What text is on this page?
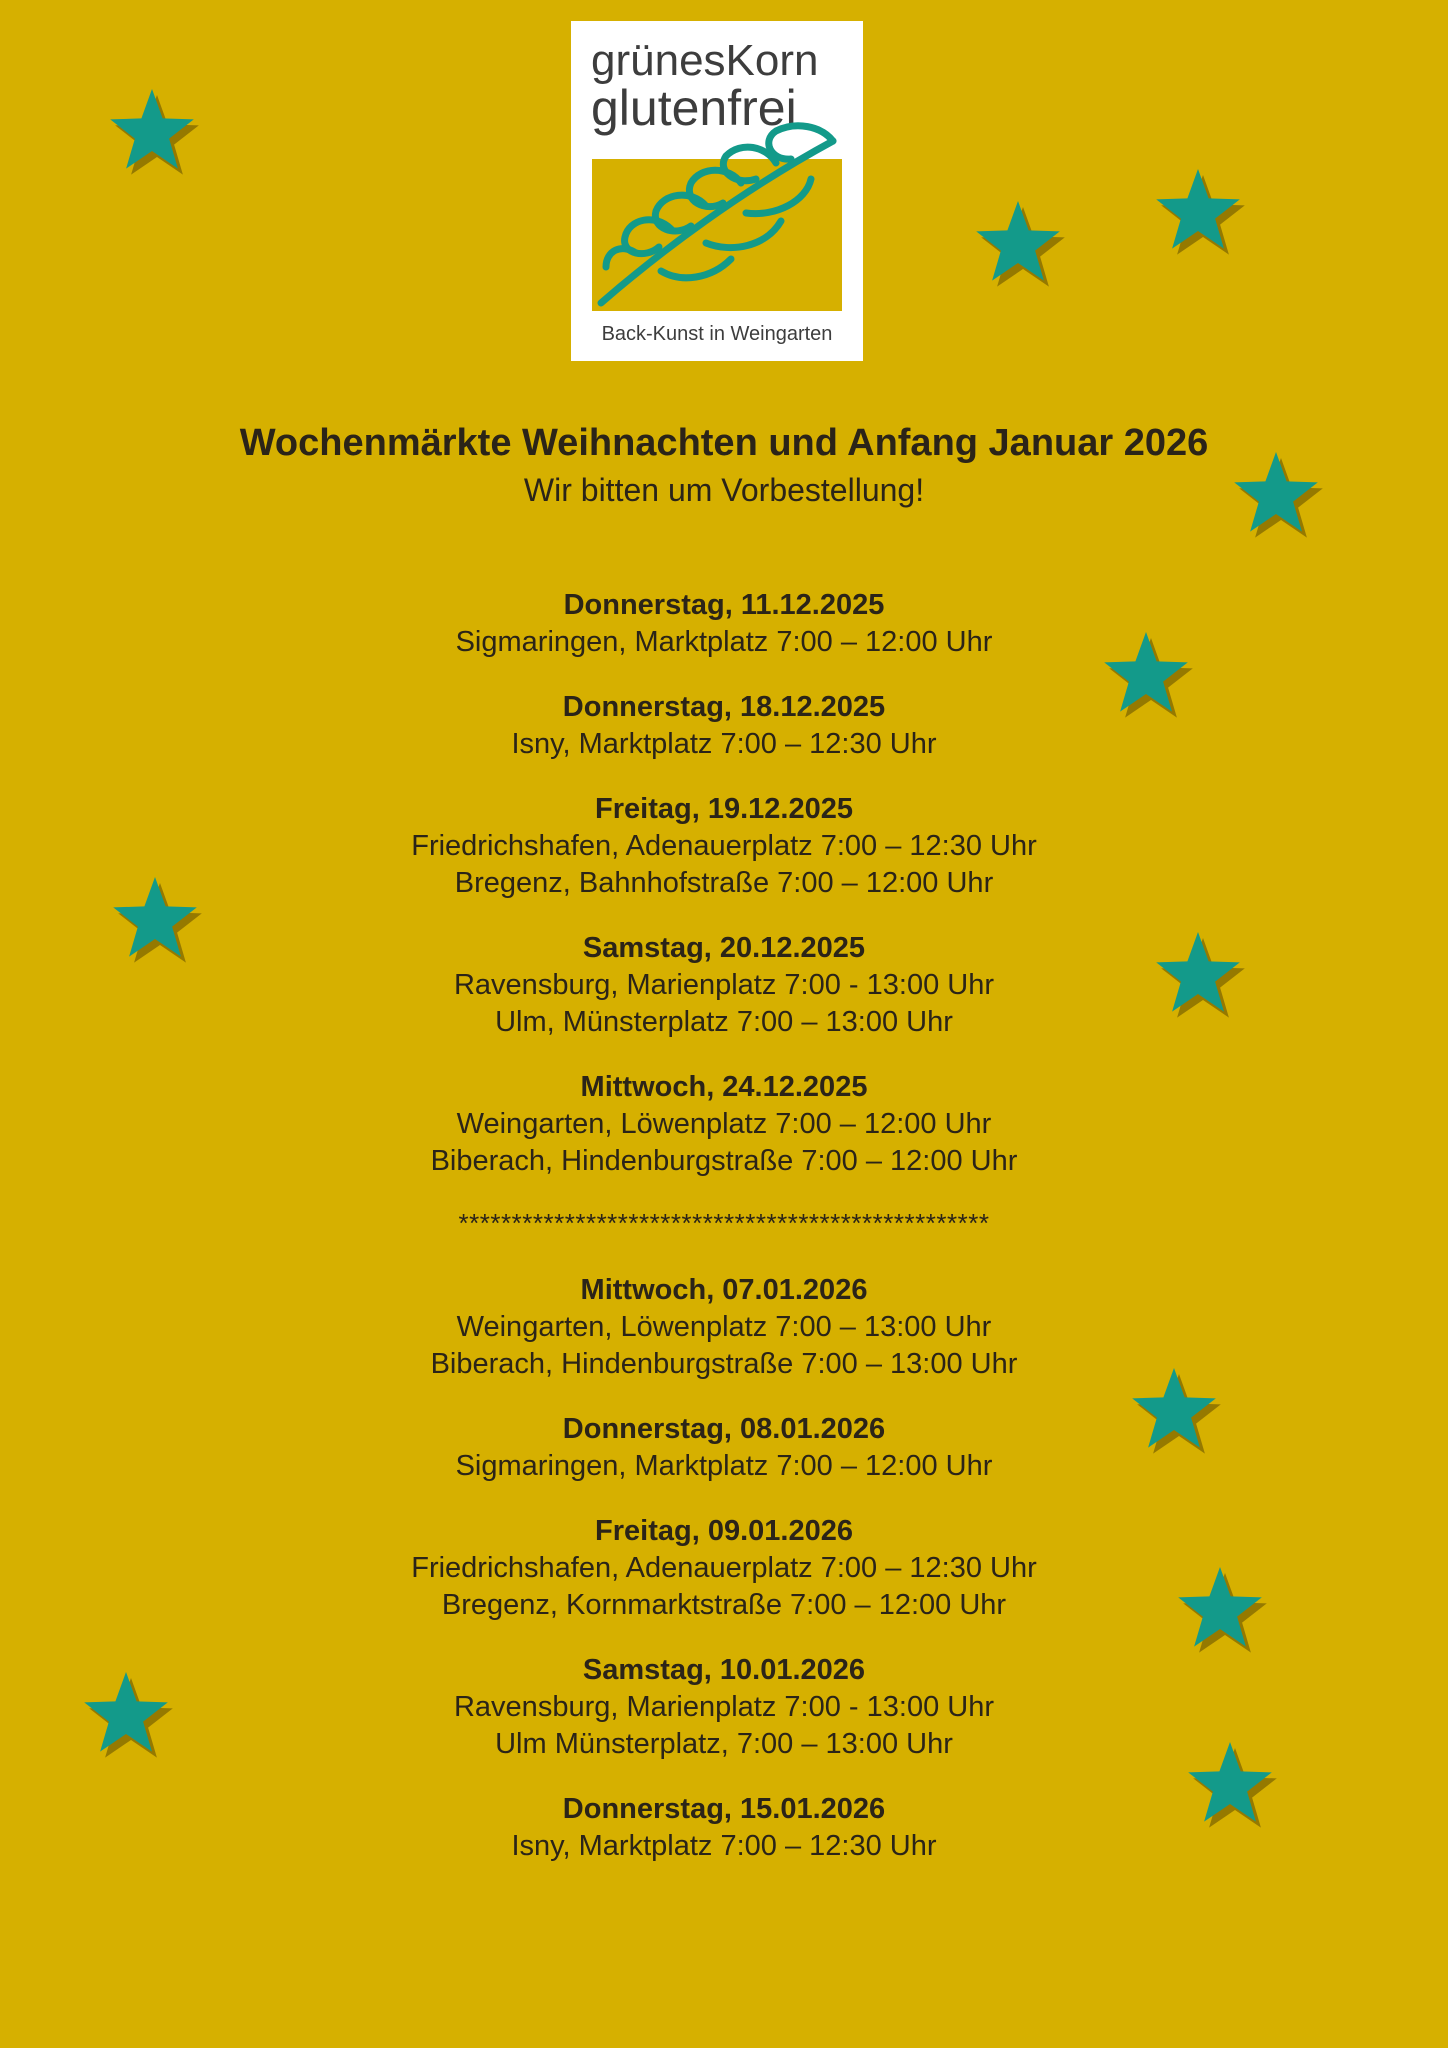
grünesKorn
glutenfrei
Back-Kunst in Weingarten
Wochenmärkte Weihnachten und Anfang Januar 2026
Wir bitten um Vorbestellung!
Donnerstag, 11.12.2025
Sigmaringen, Marktplatz 7:00 – 12:00 Uhr
Donnerstag, 18.12.2025
Isny, Marktplatz 7:00 – 12:30 Uhr
Freitag, 19.12.2025
Friedrichshafen, Adenauerplatz 7:00 – 12:30 Uhr
Bregenz, Bahnhofstraße 7:00 – 12:00 Uhr
Samstag, 20.12.2025
Ravensburg, Marienplatz 7:00 - 13:00 Uhr
Ulm, Münsterplatz 7:00 – 13:00 Uhr
Mittwoch, 24.12.2025
Weingarten, Löwenplatz 7:00 – 12:00 Uhr
Biberach, Hindenburgstraße 7:00 – 12:00 Uhr
**************************************************
Mittwoch, 07.01.2026
Weingarten, Löwenplatz 7:00 – 13:00 Uhr
Biberach, Hindenburgstraße 7:00 – 13:00 Uhr
Donnerstag, 08.01.2026
Sigmaringen, Marktplatz 7:00 – 12:00 Uhr
Freitag, 09.01.2026
Friedrichshafen, Adenauerplatz 7:00 – 12:30 Uhr
Bregenz, Kornmarktstraße 7:00 – 12:00 Uhr
Samstag, 10.01.2026
Ravensburg, Marienplatz 7:00 - 13:00 Uhr
Ulm Münsterplatz, 7:00 – 13:00 Uhr
Donnerstag, 15.01.2026
Isny, Marktplatz 7:00 – 12:30 Uhr
